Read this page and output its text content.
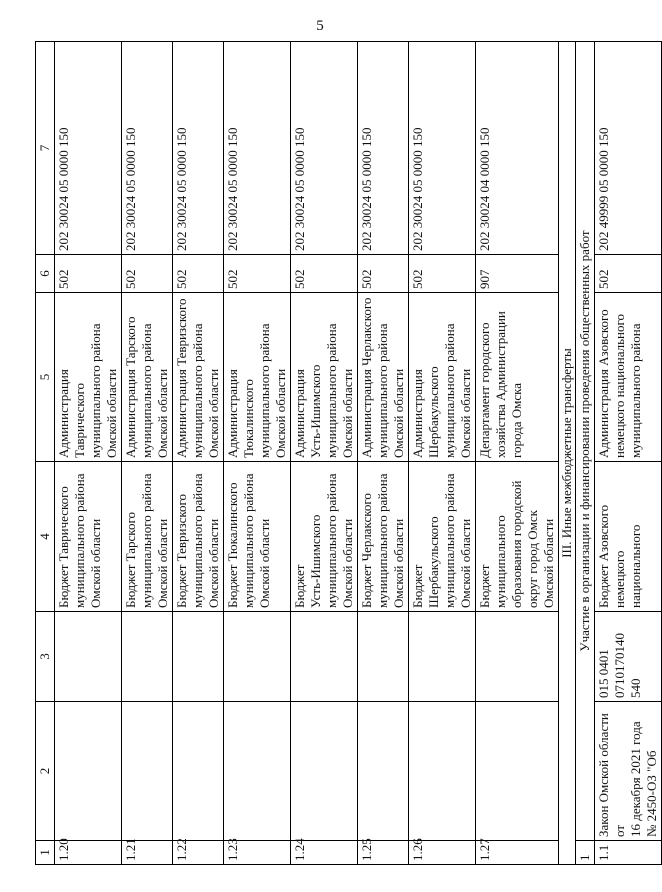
5
1	2	3	4	5	6	7
1.20			Бюджет Таврического
муниципального района
Омской области	Администрация Таврического
муниципального района
Омской области	502	202 30024 05 0000 150
1.21			Бюджет Тарского
муниципального района
Омской области	Администрация Тарского
муниципального района
Омской области	502	202 30024 05 0000 150
1.22			Бюджет Тевризского
муниципального района
Омской области	Администрация Тевризского
муниципального района
Омской области	502	202 30024 05 0000 150
1.23			Бюджет Тюкалинского
муниципального района
Омской области	Администрация Тюкалинского
муниципального района
Омской области	502	202 30024 05 0000 150
1.24			Бюджет
Усть-Ишимского
муниципального района
Омской области	Администрация
Усть-Ишимского
муниципального района
Омской области	502	202 30024 05 0000 150
1.25			Бюджет Черлакского
муниципального района
Омской области	Администрация Черлакского
муниципального района
Омской области	502	202 30024 05 0000 150
1.26			Бюджет
Шербакульского
муниципального района
Омской области	Администрация
Шербакульского
муниципального района
Омской области	502	202 30024 05 0000 150
1.27			Бюджет
муниципального
образования городской
округ город Омск
Омской области	Департамент городского
хозяйства Администрации
города Омска	907	202 30024 04 0000 150
III. Иные межбюджетные трансферты						
1	Участие в организации и финансировании проведения общественных работ					
1.1	Закон Омской области от
16 декабря 2021 года
№ 2450-ОЗ "Об	015 0401
0710170140 540	Бюджет Азовского
немецкого
национального	Администрация Азовского
немецкого национального
муниципального района	502	202 49999 05 0000 150
